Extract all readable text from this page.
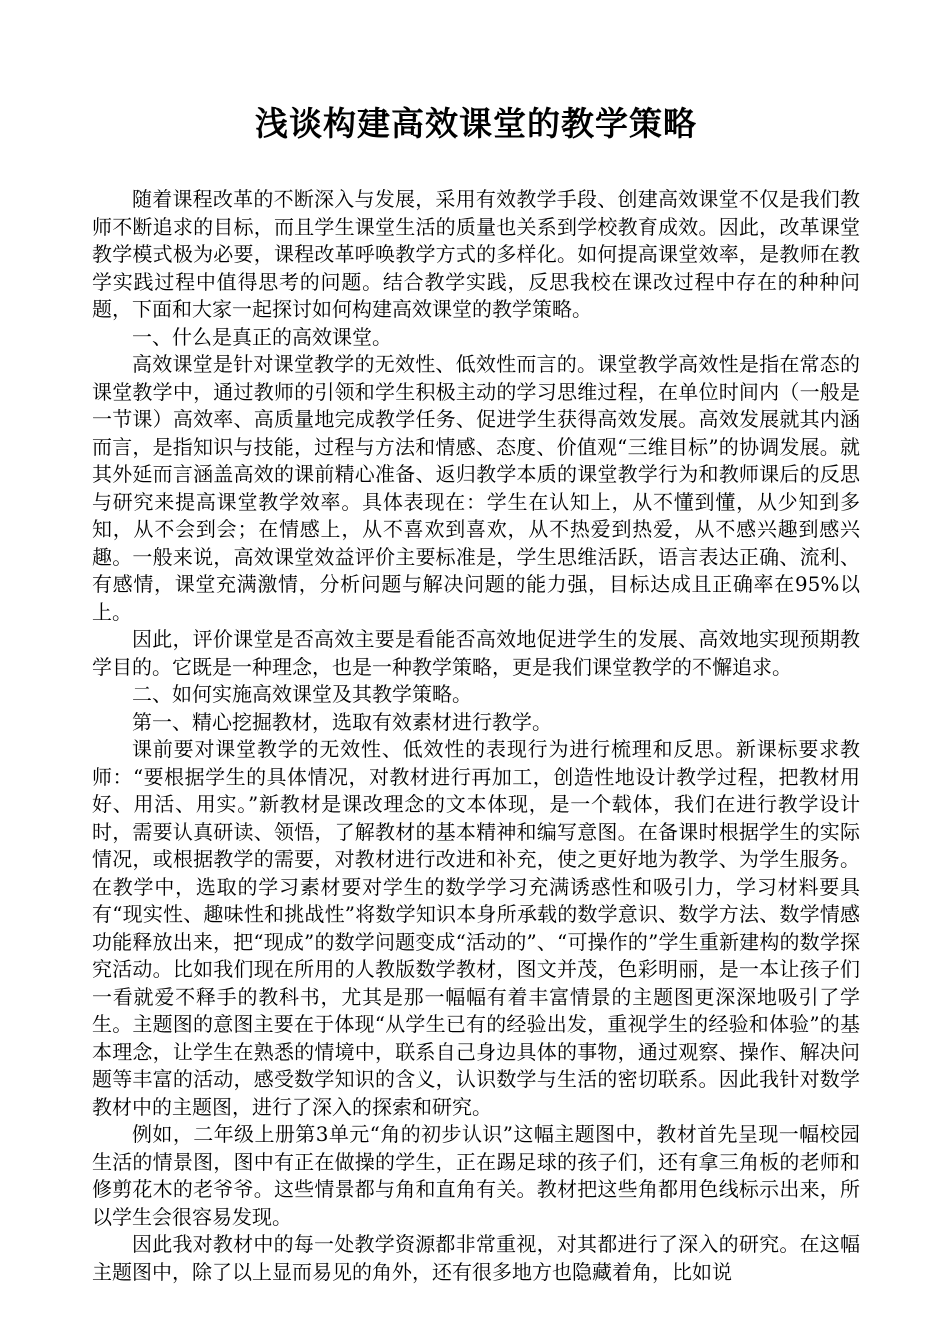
浅谈构建高效课堂的教学策略

随着课程改革的不断深入与发展，采用有效教学手段、创建高效课堂不仅是我们教师不断追求的目标，而且学生课堂生活的质量也关系到学校教育成效。因此，改革课堂教学模式极为必要，课程改革呼唤教学方式的多样化。如何提高课堂效率，是教师在教学实践过程中值得思考的问题。结合教学实践，反思我校在课改过程中存在的种种问题，下面和大家一起探讨如何构建高效课堂的教学策略。

一、什么是真正的高效课堂。

高效课堂是针对课堂教学的无效性、低效性而言的。课堂教学高效性是指在常态的课堂教学中，通过教师的引领和学生积极主动的学习思维过程，在单位时间内（一般是一节课）高效率、高质量地完成教学任务、促进学生获得高效发展。高效发展就其内涵而言，是指知识与技能，过程与方法和情感、态度、价值观“三维目标”的协调发展。就其外延而言涵盖高效的课前精心准备、返归教学本质的课堂教学行为和教师课后的反思与研究来提高课堂教学效率。具体表现在：学生在认知上，从不懂到懂，从少知到多知，从不会到会；在情感上，从不喜欢到喜欢，从不热爱到热爱，从不感兴趣到感兴趣。一般来说，高效课堂效益评价主要标准是，学生思维活跃，语言表达正确、流利、有感情，课堂充满激情，分析问题与解决问题的能力强，目标达成且正确率在95%以上。

因此，评价课堂是否高效主要是看能否高效地促进学生的发展、高效地实现预期教学目的。它既是一种理念，也是一种教学策略，更是我们课堂教学的不懈追求。

二、如何实施高效课堂及其教学策略。

第一、精心挖掘教材，选取有效素材进行教学。

课前要对课堂教学的无效性、低效性的表现行为进行梳理和反思。新课标要求教师：“要根据学生的具体情况，对教材进行再加工，创造性地设计教学过程，把教材用好、用活、用实。”新教材是课改理念的文本体现，是一个载体，我们在进行教学设计时，需要认真研读、领悟，了解教材的基本精神和编写意图。在备课时根据学生的实际情况，或根据教学的需要，对教材进行改进和补充，使之更好地为教学、为学生服务。在教学中，选取的学习素材要对学生的数学学习充满诱惑性和吸引力，学习材料要具有“现实性、趣味性和挑战性”将数学知识本身所承载的数学意识、数学方法、数学情感功能释放出来，把“现成”的数学问题变成“活动的”、“可操作的”学生重新建构的数学探究活动。比如我们现在所用的人教版数学教材，图文并茂，色彩明丽，是一本让孩子们一看就爱不释手的教科书，尤其是那一幅幅有着丰富情景的主题图更深深地吸引了学生。主题图的意图主要在于体现“从学生已有的经验出发，重视学生的经验和体验”的基本理念，让学生在熟悉的情境中，联系自己身边具体的事物，通过观察、操作、解决问题等丰富的活动，感受数学知识的含义，认识数学与生活的密切联系。因此我针对数学教材中的主题图，进行了深入的探索和研究。

例如，二年级上册第3单元“角的初步认识”这幅主题图中，教材首先呈现一幅校园生活的情景图，图中有正在做操的学生，正在踢足球的孩子们，还有拿三角板的老师和修剪花木的老爷爷。这些情景都与角和直角有关。教材把这些角都用色线标示出来，所以学生会很容易发现。

因此我对教材中的每一处教学资源都非常重视，对其都进行了深入的研究。在这幅主题图中，除了以上显而易见的角外，还有很多地方也隐藏着角，比如说
